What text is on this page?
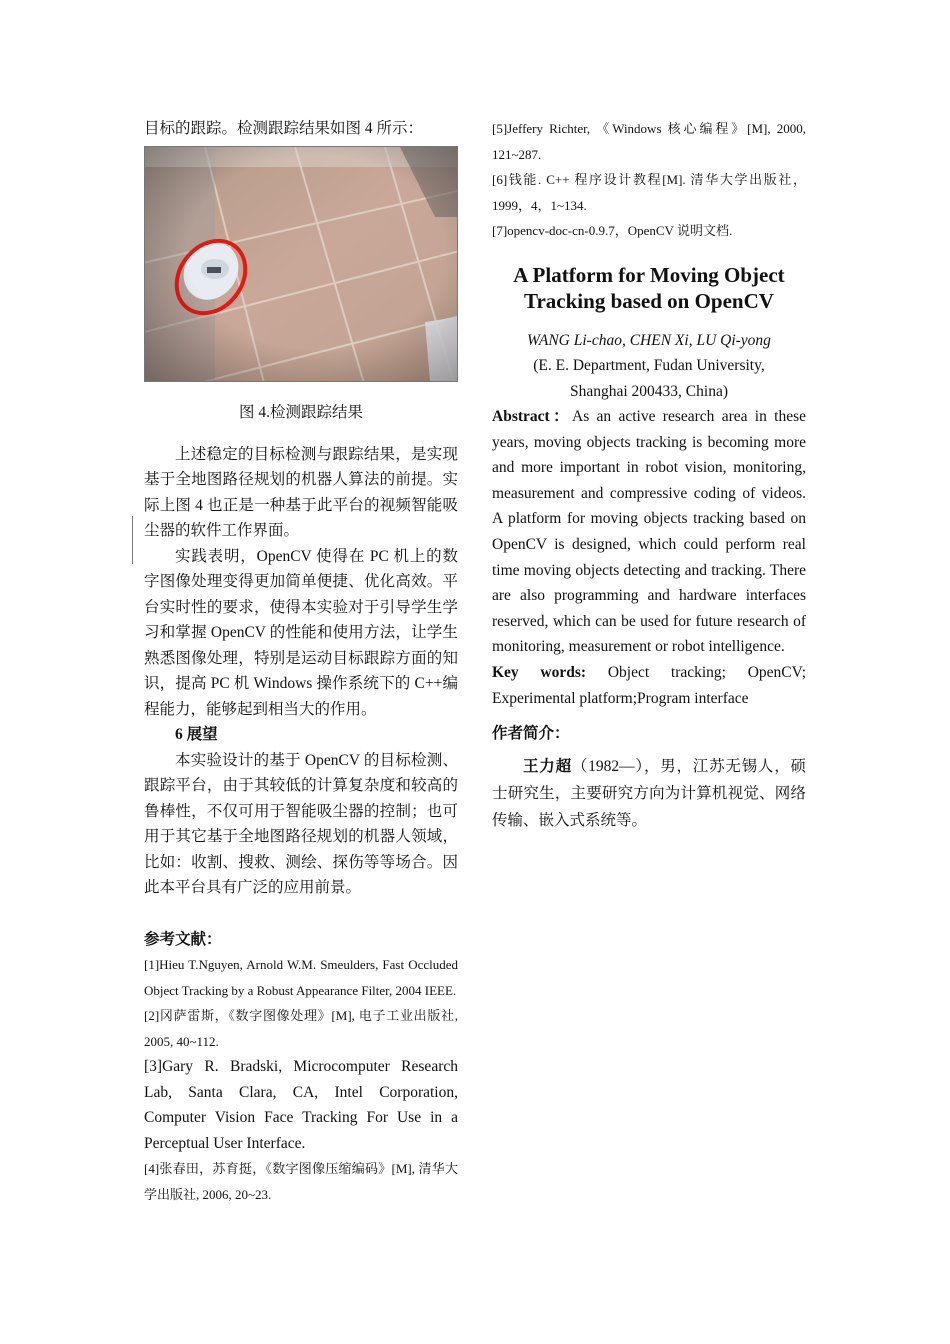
目标的跟踪。检测跟踪结果如图 4 所示：

图 4.检测跟踪结果

上述稳定的目标检测与跟踪结果，是实现基于全地图路径规划的机器人算法的前提。实际上图 4 也正是一种基于此平台的视频智能吸尘器的软件工作界面。

实践表明，OpenCV 使得在 PC 机上的数字图像处理变得更加简单便捷、优化高效。平台实时性的要求，使得本实验对于引导学生学习和掌握 OpenCV 的性能和使用方法，让学生熟悉图像处理，特别是运动目标跟踪方面的知识，提高 PC 机 Windows 操作系统下的 C++编程能力，能够起到相当大的作用。

6 展望

本实验设计的基于 OpenCV 的目标检测、跟踪平台，由于其较低的计算复杂度和较高的鲁棒性，不仅可用于智能吸尘器的控制；也可用于其它基于全地图路径规划的机器人领域，比如：收割、搜救、测绘、探伤等等场合。因此本平台具有广泛的应用前景。

参考文献：

[1]Hieu T.Nguyen, Arnold W.M. Smeulders, Fast Occluded Object Tracking by a Robust Appearance Filter, 2004 IEEE.

[2]冈萨雷斯，《数字图像处理》[M], 电子工业出版社, 2005, 40~112.

[3]Gary R. Bradski, Microcomputer Research Lab, Santa Clara, CA, Intel Corporation, Computer Vision Face Tracking For Use in a Perceptual User Interface.

[4]张春田，苏育挺，《数字图像压缩编码》[M], 清华大学出版社, 2006, 20~23.

[5]Jeffery Richter, 《Windows 核心编程》[M], 2000, 121~287.

[6]钱能. C++ 程序设计教程[M]. 清华大学出版社，1999，4，1~134.

[7]opencv-doc-cn-0.9.7，OpenCV 说明文档.

A Platform for Moving Object
Tracking based on OpenCV

WANG Li-chao, CHEN Xi, LU Qi-yong

(E. E. Department, Fudan University,

Shanghai 200433, China)

Abstract：As an active research area in these years, moving objects tracking is becoming more and more important in robot vision, monitoring, measurement and compressive coding of videos. A platform for moving objects tracking based on OpenCV is designed, which could perform real time moving objects detecting and tracking. There are also programming and hardware interfaces reserved, which can be used for future research of monitoring, measurement or robot intelligence.

Key words: Object tracking; OpenCV; Experimental platform;Program interface

作者简介：

王力超（1982—），男，江苏无锡人，硕士研究生，主要研究方向为计算机视觉、网络传输、嵌入式系统等。
